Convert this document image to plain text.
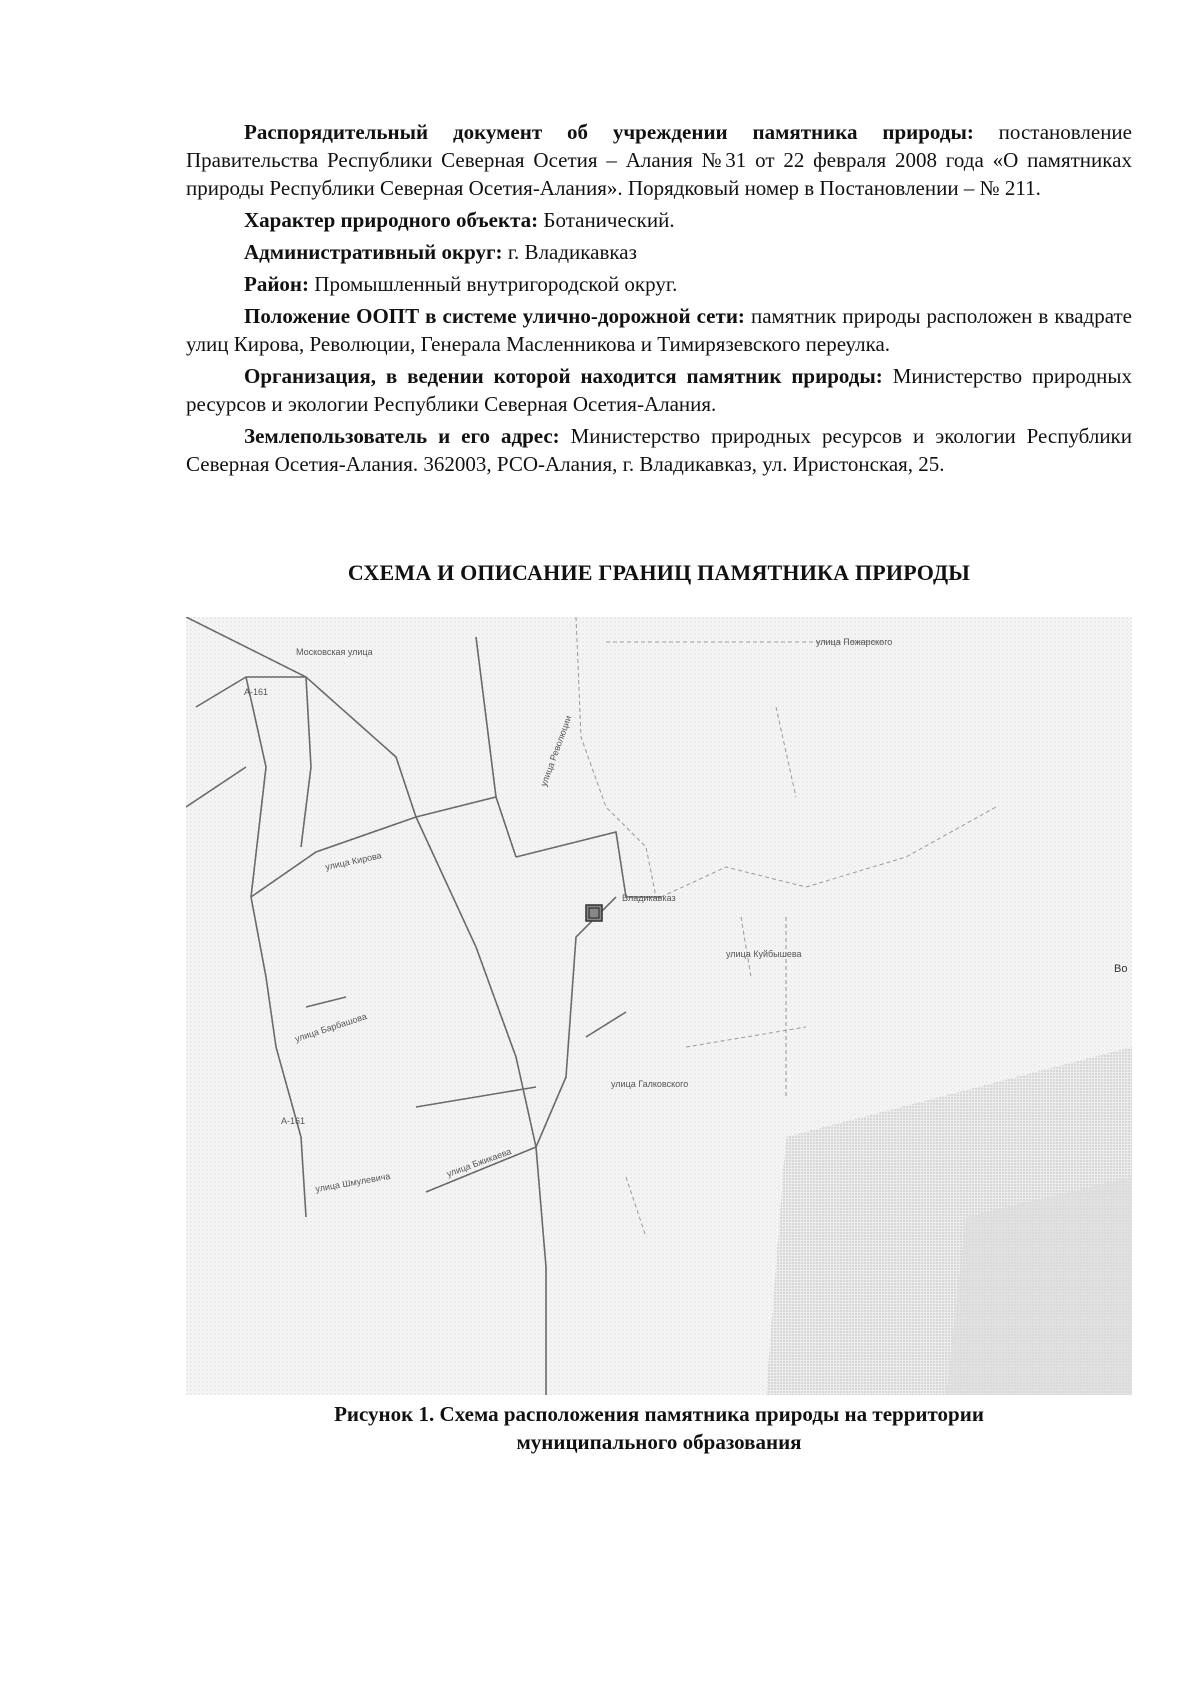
Распорядительный документ об учреждении памятника природы: постановление Правительства Республики Северная Осетия – Алания №31 от 22 февраля 2008 года «О памятниках природы Республики Северная Осетия-Алания». Порядковый номер в Постановлении – № 211.

Характер природного объекта: Ботанический.

Административный округ: г. Владикавказ

Район: Промышленный внутригородской округ.

Положение ООПТ в системе улично-дорожной сети: памятник природы расположен в квадрате улиц Кирова, Революции, Генерала Масленникова и Тимирязевского переулка.

Организация, в ведении которой находится памятник природы: Министерство природных ресурсов и экологии Республики Северная Осетия-Алания.

Землепользователь и его адрес: Министерство природных ресурсов и экологии Республики Северная Осетия-Алания. 362003, РСО-Алания, г. Владикавказ, ул. Иристонская, 25.

СХЕМА И ОПИСАНИЕ ГРАНИЦ ПАМЯТНИКА ПРИРОДЫ
Московская улица
А-161
А-161
Владикавказ
улица Кирова
улица Барбашова
улица Пожарского
улица Куйбышева
улица Революции
Во
улица Шмулевича
улица Бжикаева
улица Галковского
Рисунок 1. Схема расположения памятника природы на территории
муниципального образования
